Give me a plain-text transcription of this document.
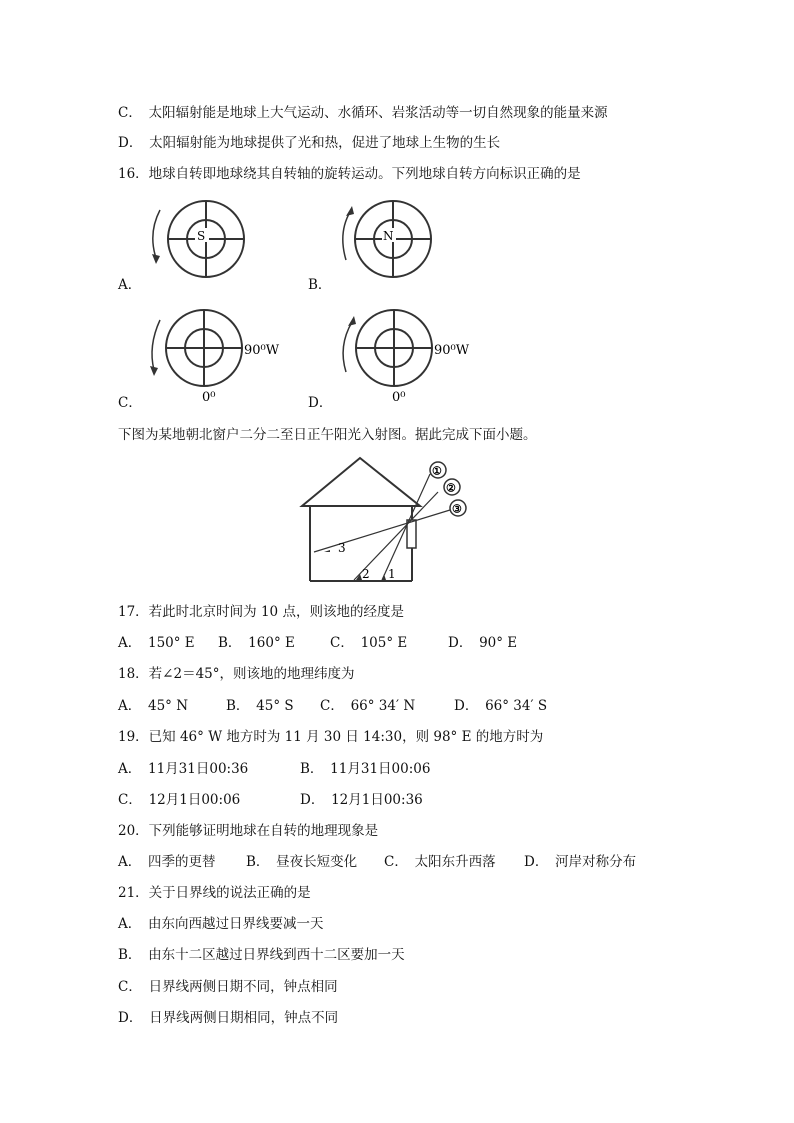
C．　太阳辐射能是地球上大气运动、水循环、岩浆活动等一切自然现象的能量来源
D．　太阳辐射能为地球提供了光和热，促进了地球上生物的生长
16．地球自转即地球绕其自转轴的旋转运动。下列地球自转方向标识正确的是
S
A．
N
B．
90⁰W
0⁰
C．
90⁰W
0⁰
D．
下图为某地朝北窗户二分二至日正午阳光入射图。据此完成下面小题。
①
②
③
3
2 1
17．若此时北京时间为 10 点，则该地的经度是
A．　150° E B．　160° E	C．　105° E	D．　90° E
18．若∠2＝45°，则该地的地理纬度为
A．　45° N	B．　45° S C．　66° 34′ N	D．　66° 34′ S
19．已知 46° W 地方时为 11 月 30 日 14:30，则 98° E 的地方时为
A．　11月31日00:36	B．　11月31日00:06
C．　12月1日00:06	D．　12月1日00:36
20．下列能够证明地球在自转的地理现象是
A．　四季的更替 B．　昼夜长短变化 C．　太阳东升西落 D．　河岸对称分布
21．关于日界线的说法正确的是
A．　由东向西越过日界线要减一天
B．　由东十二区越过日界线到西十二区要加一天
C．　日界线两侧日期不同，钟点相同
D．　日界线两侧日期相同，钟点不同
